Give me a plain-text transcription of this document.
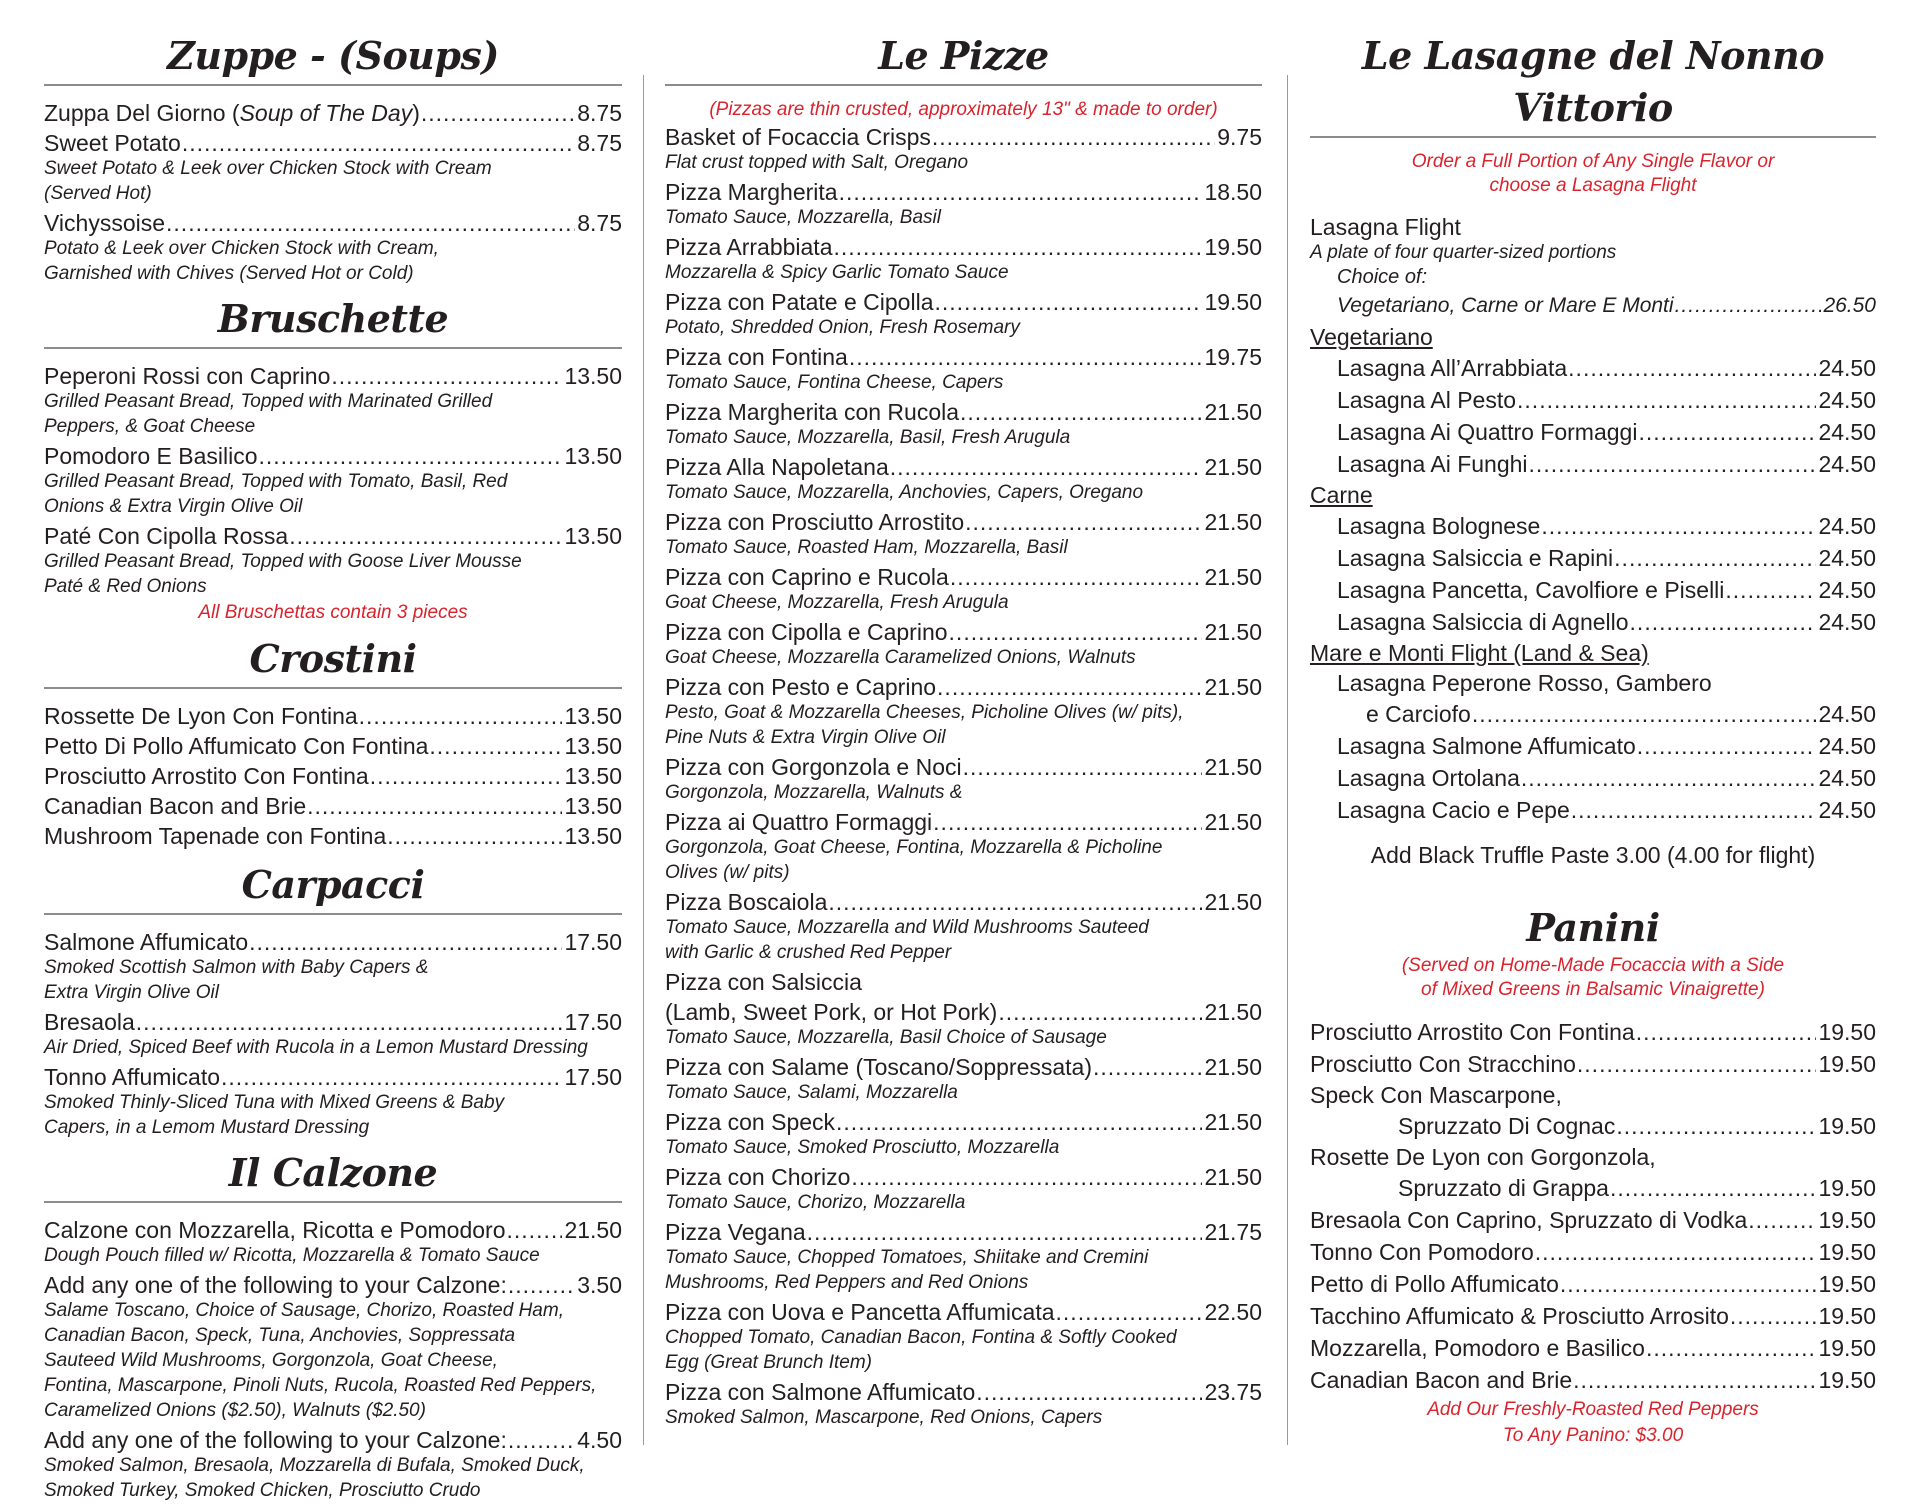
Zuppe - (Soups)
Zuppa Del Giorno (Soup of The Day) .....	8.75
Sweet Potato .....	8.75
Sweet Potato & Leek over Chicken Stock with Cream
(Served Hot)
Vichyssoise .....	8.75
Potato & Leek over Chicken Stock with Cream,
Garnished with Chives (Served Hot or Cold)
Bruschette
Peperoni Rossi con Caprino .....	13.50
Grilled Peasant Bread, Topped with Marinated Grilled
Peppers, & Goat Cheese
Pomodoro E Basilico .....	13.50
Grilled Peasant Bread, Topped with Tomato, Basil, Red
Onions & Extra Virgin Olive Oil
Paté Con Cipolla Rossa .....	13.50
Grilled Peasant Bread, Topped with Goose Liver Mousse
Paté & Red Onions
All Bruschettas contain 3 pieces
Crostini
Rossette De Lyon Con Fontina .....	13.50
Petto Di Pollo Affumicato Con Fontina .....	13.50
Prosciutto Arrostito Con Fontina .....	13.50
Canadian Bacon and Brie .....	13.50
Mushroom Tapenade con Fontina .....	13.50
Carpacci
Salmone Affumicato .....	17.50
Smoked Scottish Salmon with Baby Capers &
Extra Virgin Olive Oil
Bresaola .....	17.50
Air Dried, Spiced Beef with Rucola in a Lemon Mustard Dressing
Tonno Affumicato .....	17.50
Smoked Thinly-Sliced Tuna with Mixed Greens & Baby
Capers, in a Lemom Mustard Dressing
Il Calzone
Calzone con Mozzarella, Ricotta e Pomodoro .....	21.50
Dough Pouch filled w/ Ricotta, Mozzarella & Tomato Sauce
Add any one of the following to your Calzone: .....	3.50
Salame Toscano, Choice of Sausage, Chorizo, Roasted Ham,
Canadian Bacon, Speck, Tuna, Anchovies, Soppressata
Sauteed Wild Mushrooms, Gorgonzola, Goat Cheese,
Fontina, Mascarpone, Pinoli Nuts, Rucola, Roasted Red Peppers,
Caramelized Onions ($2.50), Walnuts ($2.50)
Add any one of the following to your Calzone: .....	4.50
Smoked Salmon, Bresaola, Mozzarella di Bufala, Smoked Duck,
Smoked Turkey, Smoked Chicken, Prosciutto Crudo
Le Pizze
(Pizzas are thin crusted, approximately 13" & made to order)
Basket of Focaccia Crisps .....	9.75
Flat crust topped with Salt, Oregano
Pizza Margherita .....	18.50
Tomato Sauce, Mozzarella, Basil
Pizza Arrabbiata .....	19.50
Mozzarella & Spicy Garlic Tomato Sauce
Pizza con Patate e Cipolla .....	19.50
Potato, Shredded Onion, Fresh Rosemary
Pizza con Fontina .....	19.75
Tomato Sauce, Fontina Cheese, Capers
Pizza Margherita con Rucola .....	21.50
Tomato Sauce, Mozzarella, Basil, Fresh Arugula
Pizza Alla Napoletana .....	21.50
Tomato Sauce, Mozzarella, Anchovies, Capers, Oregano
Pizza con Prosciutto Arrostito .....	21.50
Tomato Sauce, Roasted Ham, Mozzarella, Basil
Pizza con Caprino e Rucola .....	21.50
Goat Cheese, Mozzarella, Fresh Arugula
Pizza con Cipolla e Caprino .....	21.50
Goat Cheese, Mozzarella Caramelized Onions, Walnuts
Pizza con Pesto e Caprino .....	21.50
Pesto, Goat & Mozzarella Cheeses, Picholine Olives (w/ pits),
Pine Nuts & Extra Virgin Olive Oil
Pizza con Gorgonzola e Noci .....	21.50
Gorgonzola, Mozzarella, Walnuts &
Pizza ai Quattro Formaggi .....	21.50
Gorgonzola, Goat Cheese, Fontina, Mozzarella & Picholine
Olives (w/ pits)
Pizza Boscaiola .....	21.50
Tomato Sauce, Mozzarella and Wild Mushrooms Sauteed
with Garlic & crushed Red Pepper
Pizza con Salsiccia
(Lamb, Sweet Pork, or Hot Pork) .....	21.50
Tomato Sauce, Mozzarella, Basil Choice of Sausage
Pizza con Salame (Toscano/Soppressata) .....	21.50
Tomato Sauce, Salami, Mozzarella
Pizza con Speck .....	21.50
Tomato Sauce, Smoked Prosciutto, Mozzarella
Pizza con Chorizo .....	21.50
Tomato Sauce, Chorizo, Mozzarella
Pizza Vegana .....	21.75
Tomato Sauce, Chopped Tomatoes, Shiitake and Cremini
Mushrooms, Red Peppers and Red Onions
Pizza con Uova e Pancetta Affumicata .....	22.50
Chopped Tomato, Canadian Bacon, Fontina & Softly Cooked
Egg (Great Brunch Item)
Pizza con Salmone Affumicato .....	23.75
Smoked Salmon, Mascarpone, Red Onions, Capers
Le Lasagne del Nonno Vittorio
Order a Full Portion of Any Single Flavor or
choose a Lasagna Flight
Lasagna Flight
A plate of four quarter-sized portions
Choice of:
Vegetariano, Carne or Mare E Monti .....	26.50
Vegetariano
Lasagna All’Arrabbiata .....	24.50
Lasagna Al Pesto .....	24.50
Lasagna Ai Quattro Formaggi .....	24.50
Lasagna Ai Funghi .....	24.50
Carne
Lasagna Bolognese .....	24.50
Lasagna Salsiccia e Rapini .....	24.50
Lasagna Pancetta, Cavolfiore e Piselli .....	24.50
Lasagna Salsiccia di Agnello .....	24.50
Mare e Monti Flight (Land & Sea)
Lasagna Peperone Rosso, Gambero
e Carciofo .....	24.50
Lasagna Salmone Affumicato .....	24.50
Lasagna Ortolana .....	24.50
Lasagna Cacio e Pepe .....	24.50
Add Black Truffle Paste 3.00 (4.00 for flight)
Panini
(Served on Home-Made Focaccia with a Side
of Mixed Greens in Balsamic Vinaigrette)
Prosciutto Arrostito Con Fontina .....	19.50
Prosciutto Con Stracchino .....	19.50
Speck Con Mascarpone,
Spruzzato Di Cognac .....	19.50
Rosette De Lyon con Gorgonzola,
Spruzzato di Grappa .....	19.50
Bresaola Con Caprino, Spruzzato di Vodka .....	19.50
Tonno Con Pomodoro .....	19.50
Petto di Pollo Affumicato .....	19.50
Tacchino Affumicato & Prosciutto Arrosito .....	19.50
Mozzarella, Pomodoro e Basilico .....	19.50
Canadian Bacon and Brie .....	19.50
Add Our Freshly-Roasted Red Peppers
To Any Panino: $3.00
